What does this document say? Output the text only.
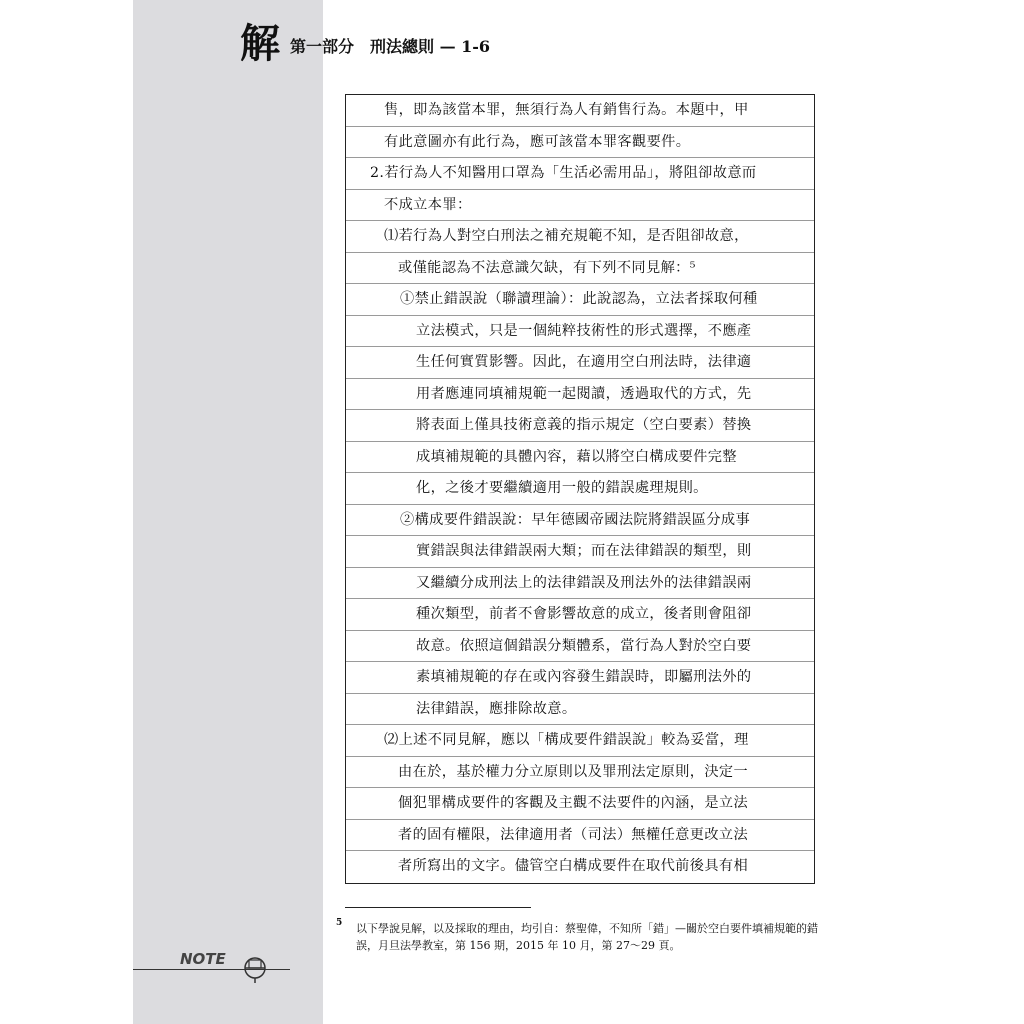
解 第一部分　刑法總則 — 1-6
售，即為該當本罪，無須行為人有銷售行為。本題中，甲
有此意圖亦有此行為，應可該當本罪客觀要件。
2.若行為人不知醫用口罩為「生活必需用品」，將阻卻故意而
不成立本罪：
⑴若行為人對空白刑法之補充規範不知，是否阻卻故意，
或僅能認為不法意識欠缺，有下列不同見解：⁵
①禁止錯誤說（聯讀理論）：此說認為，立法者採取何種
立法模式，只是一個純粹技術性的形式選擇，不應產
生任何實質影響。因此，在適用空白刑法時，法律適
用者應連同填補規範一起閱讀，透過取代的方式，先
將表面上僅具技術意義的指示規定（空白要素）替換
成填補規範的具體內容，藉以將空白構成要件完整
化，之後才要繼續適用一般的錯誤處理規則。
②構成要件錯誤說：早年德國帝國法院將錯誤區分成事
實錯誤與法律錯誤兩大類；而在法律錯誤的類型，則
又繼續分成刑法上的法律錯誤及刑法外的法律錯誤兩
種次類型，前者不會影響故意的成立，後者則會阻卻
故意。依照這個錯誤分類體系，當行為人對於空白要
素填補規範的存在或內容發生錯誤時，即屬刑法外的
法律錯誤，應排除故意。
⑵上述不同見解，應以「構成要件錯誤說」較為妥當，理
由在於，基於權力分立原則以及罪刑法定原則，決定一
個犯罪構成要件的客觀及主觀不法要件的內涵，是立法
者的固有權限，法律適用者（司法）無權任意更改立法
者所寫出的文字。儘管空白構成要件在取代前後具有相
5 以下學說見解，以及採取的理由，均引自：蔡聖偉，不知所「錯」—關於空白要件填補規範的錯誤，月旦法學教室，第 156 期，2015 年 10 月，第 27～29 頁。
NOTE
